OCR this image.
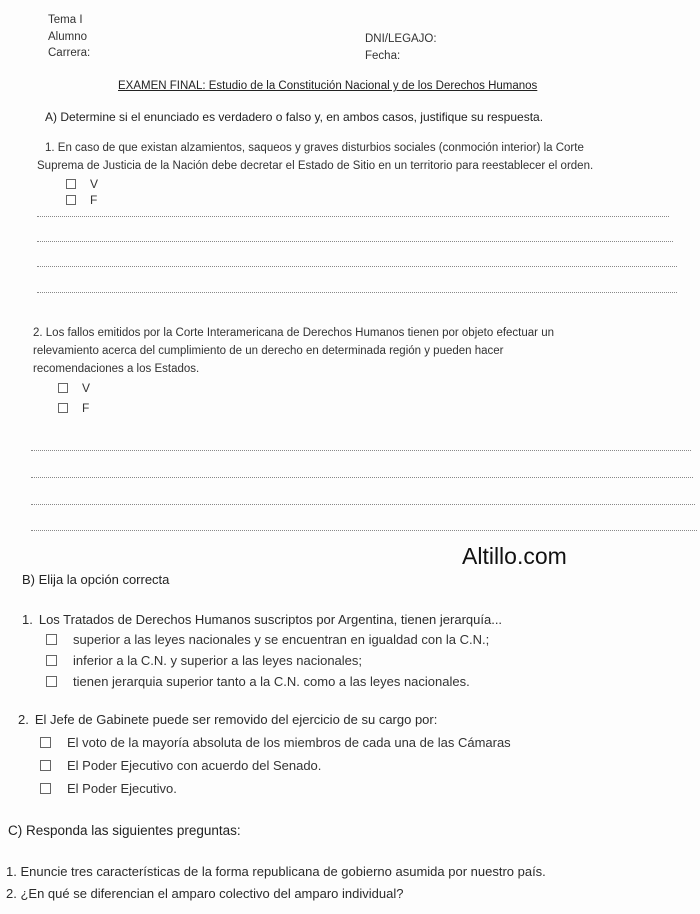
Tema I
Alumno
Carrera:
DNI/LEGAJO:
Fecha:
EXAMEN FINAL: Estudio de la Constitución Nacional y de los Derechos Humanos
A) Determine si el enunciado es verdadero o falso y, en ambos casos, justifique su respuesta.
1. En caso de que existan alzamientos, saqueos y graves disturbios sociales (conmoción interior) la Corte
Suprema de Justicia de la Nación debe decretar el Estado de Sitio en un territorio para reestablecer el orden.
V
F
2. Los fallos emitidos por la Corte Interamericana de Derechos Humanos tienen por objeto efectuar un
relevamiento acerca del cumplimiento de un derecho en determinada región y pueden hacer
recomendaciones a los Estados.
V
F
Altillo.com
B) Elija la opción correcta
1. Los Tratados de Derechos Humanos suscriptos por Argentina, tienen jerarquía...
superior a las leyes nacionales y se encuentran en igualdad con la C.N.;
inferior a la C.N. y superior a las leyes nacionales;
tienen jerarquia superior tanto a la C.N. como a las leyes nacionales.
2. El Jefe de Gabinete puede ser removido del ejercicio de su cargo por:
El voto de la mayoría absoluta de los miembros de cada una de las Cámaras
El Poder Ejecutivo con acuerdo del Senado.
El Poder Ejecutivo.
C) Responda las siguientes preguntas:
1. Enuncie tres características de la forma republicana de gobierno asumida por nuestro país.
2. ¿En qué se diferencian el amparo colectivo del amparo individual?
